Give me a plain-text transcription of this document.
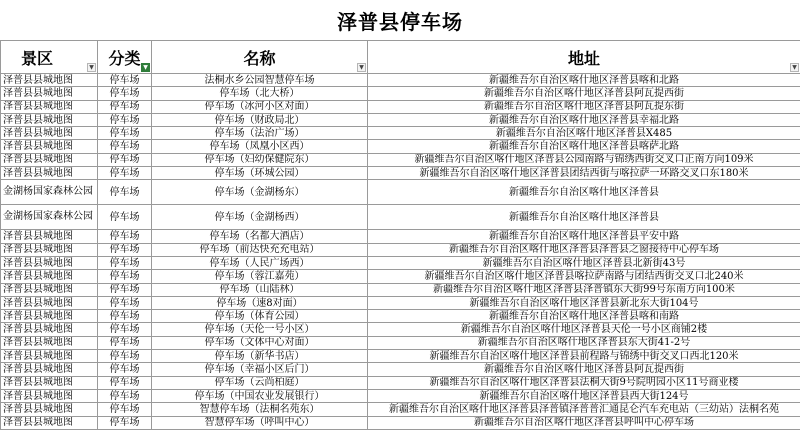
泽普县停车场
景区 ▼	分类 ▼	名称 ▼	地址 ▼

泽普县县城地图	停车场	法桐水乡公园智慧停车场	新疆维吾尔自治区喀什地区泽普县喀和北路
泽普县县城地图	停车场	停车场（北大桥）	新疆维吾尔自治区喀什地区泽普县阿瓦提西街
泽普县县城地图	停车场	停车场（冰河小区对面）	新疆维吾尔自治区喀什地区泽普县阿瓦提东街
泽普县县城地图	停车场	停车场（财政局北）	新疆维吾尔自治区喀什地区泽普县幸福北路
泽普县县城地图	停车场	停车场（法治广场）	新疆维吾尔自治区喀什地区泽普县X485
泽普县县城地图	停车场	停车场（凤凰小区西）	新疆维吾尔自治区喀什地区泽普县喀萨北路
泽普县县城地图	停车场	停车场（妇幼保健院东）	新疆维吾尔自治区喀什地区泽普县公园南路与锦绣西街交叉口正南方向109米
泽普县县城地图	停车场	停车场（环城公园）	新疆维吾尔自治区喀什地区泽普县团结西街与喀拉萨一环路交叉口东180米
金湖杨国家森林公园	停车场	停车场（金湖杨东）	新疆维吾尔自治区喀什地区泽普县
金湖杨国家森林公园	停车场	停车场（金湖杨西）	新疆维吾尔自治区喀什地区泽普县
泽普县县城地图	停车场	停车场（名都大酒店）	新疆维吾尔自治区喀什地区泽普县平安中路
泽普县县城地图	停车场	停车场（前达快充充电站）	新疆维吾尔自治区喀什地区泽普县泽普县之窗接待中心停车场
泽普县县城地图	停车场	停车场（人民广场西）	新疆维吾尔自治区喀什地区泽普县北新街43号
泽普县县城地图	停车场	停车场（蓉江嘉苑）	新疆维吾尔自治区喀什地区泽普县喀拉萨南路与团结西街交叉口北240米
泽普县县城地图	停车场	停车场（山陆林）	新疆维吾尔自治区喀什地区泽普县泽普镇东大街99号东南方向100米
泽普县县城地图	停车场	停车场（速8对面）	新疆维吾尔自治区喀什地区泽普县新北东大街104号
泽普县县城地图	停车场	停车场（体育公园）	新疆维吾尔自治区喀什地区泽普县喀和南路
泽普县县城地图	停车场	停车场（天伦一号小区）	新疆维吾尔自治区喀什地区泽普县天伦一号小区商铺2楼
泽普县县城地图	停车场	停车场（文体中心对面）	新疆维吾尔自治区喀什地区泽普县东大街41-2号
泽普县县城地图	停车场	停车场（新华书店）	新疆维吾尔自治区喀什地区泽普县前程路与锦绣中街交叉口西北120米
泽普县县城地图	停车场	停车场（幸福小区后门）	新疆维吾尔自治区喀什地区泽普县阿瓦提西街
泽普县县城地图	停车场	停车场（云尚柏庭）	新疆维吾尔自治区喀什地区泽普县法桐大街9号院明园小区11号商业楼
泽普县县城地图	停车场	停车场（中国农业发展银行）	新疆维吾尔自治区喀什地区泽普县西大街124号
泽普县县城地图	停车场	智慧停车场（法桐名苑东）	新疆维吾尔自治区喀什地区泽普县泽普镇泽普普汇通昆仑汽车充电站（三幼站）法桐名苑
泽普县县城地图	停车场	智慧停车场（呼叫中心）	新疆维吾尔自治区喀什地区泽普县呼叫中心停车场
